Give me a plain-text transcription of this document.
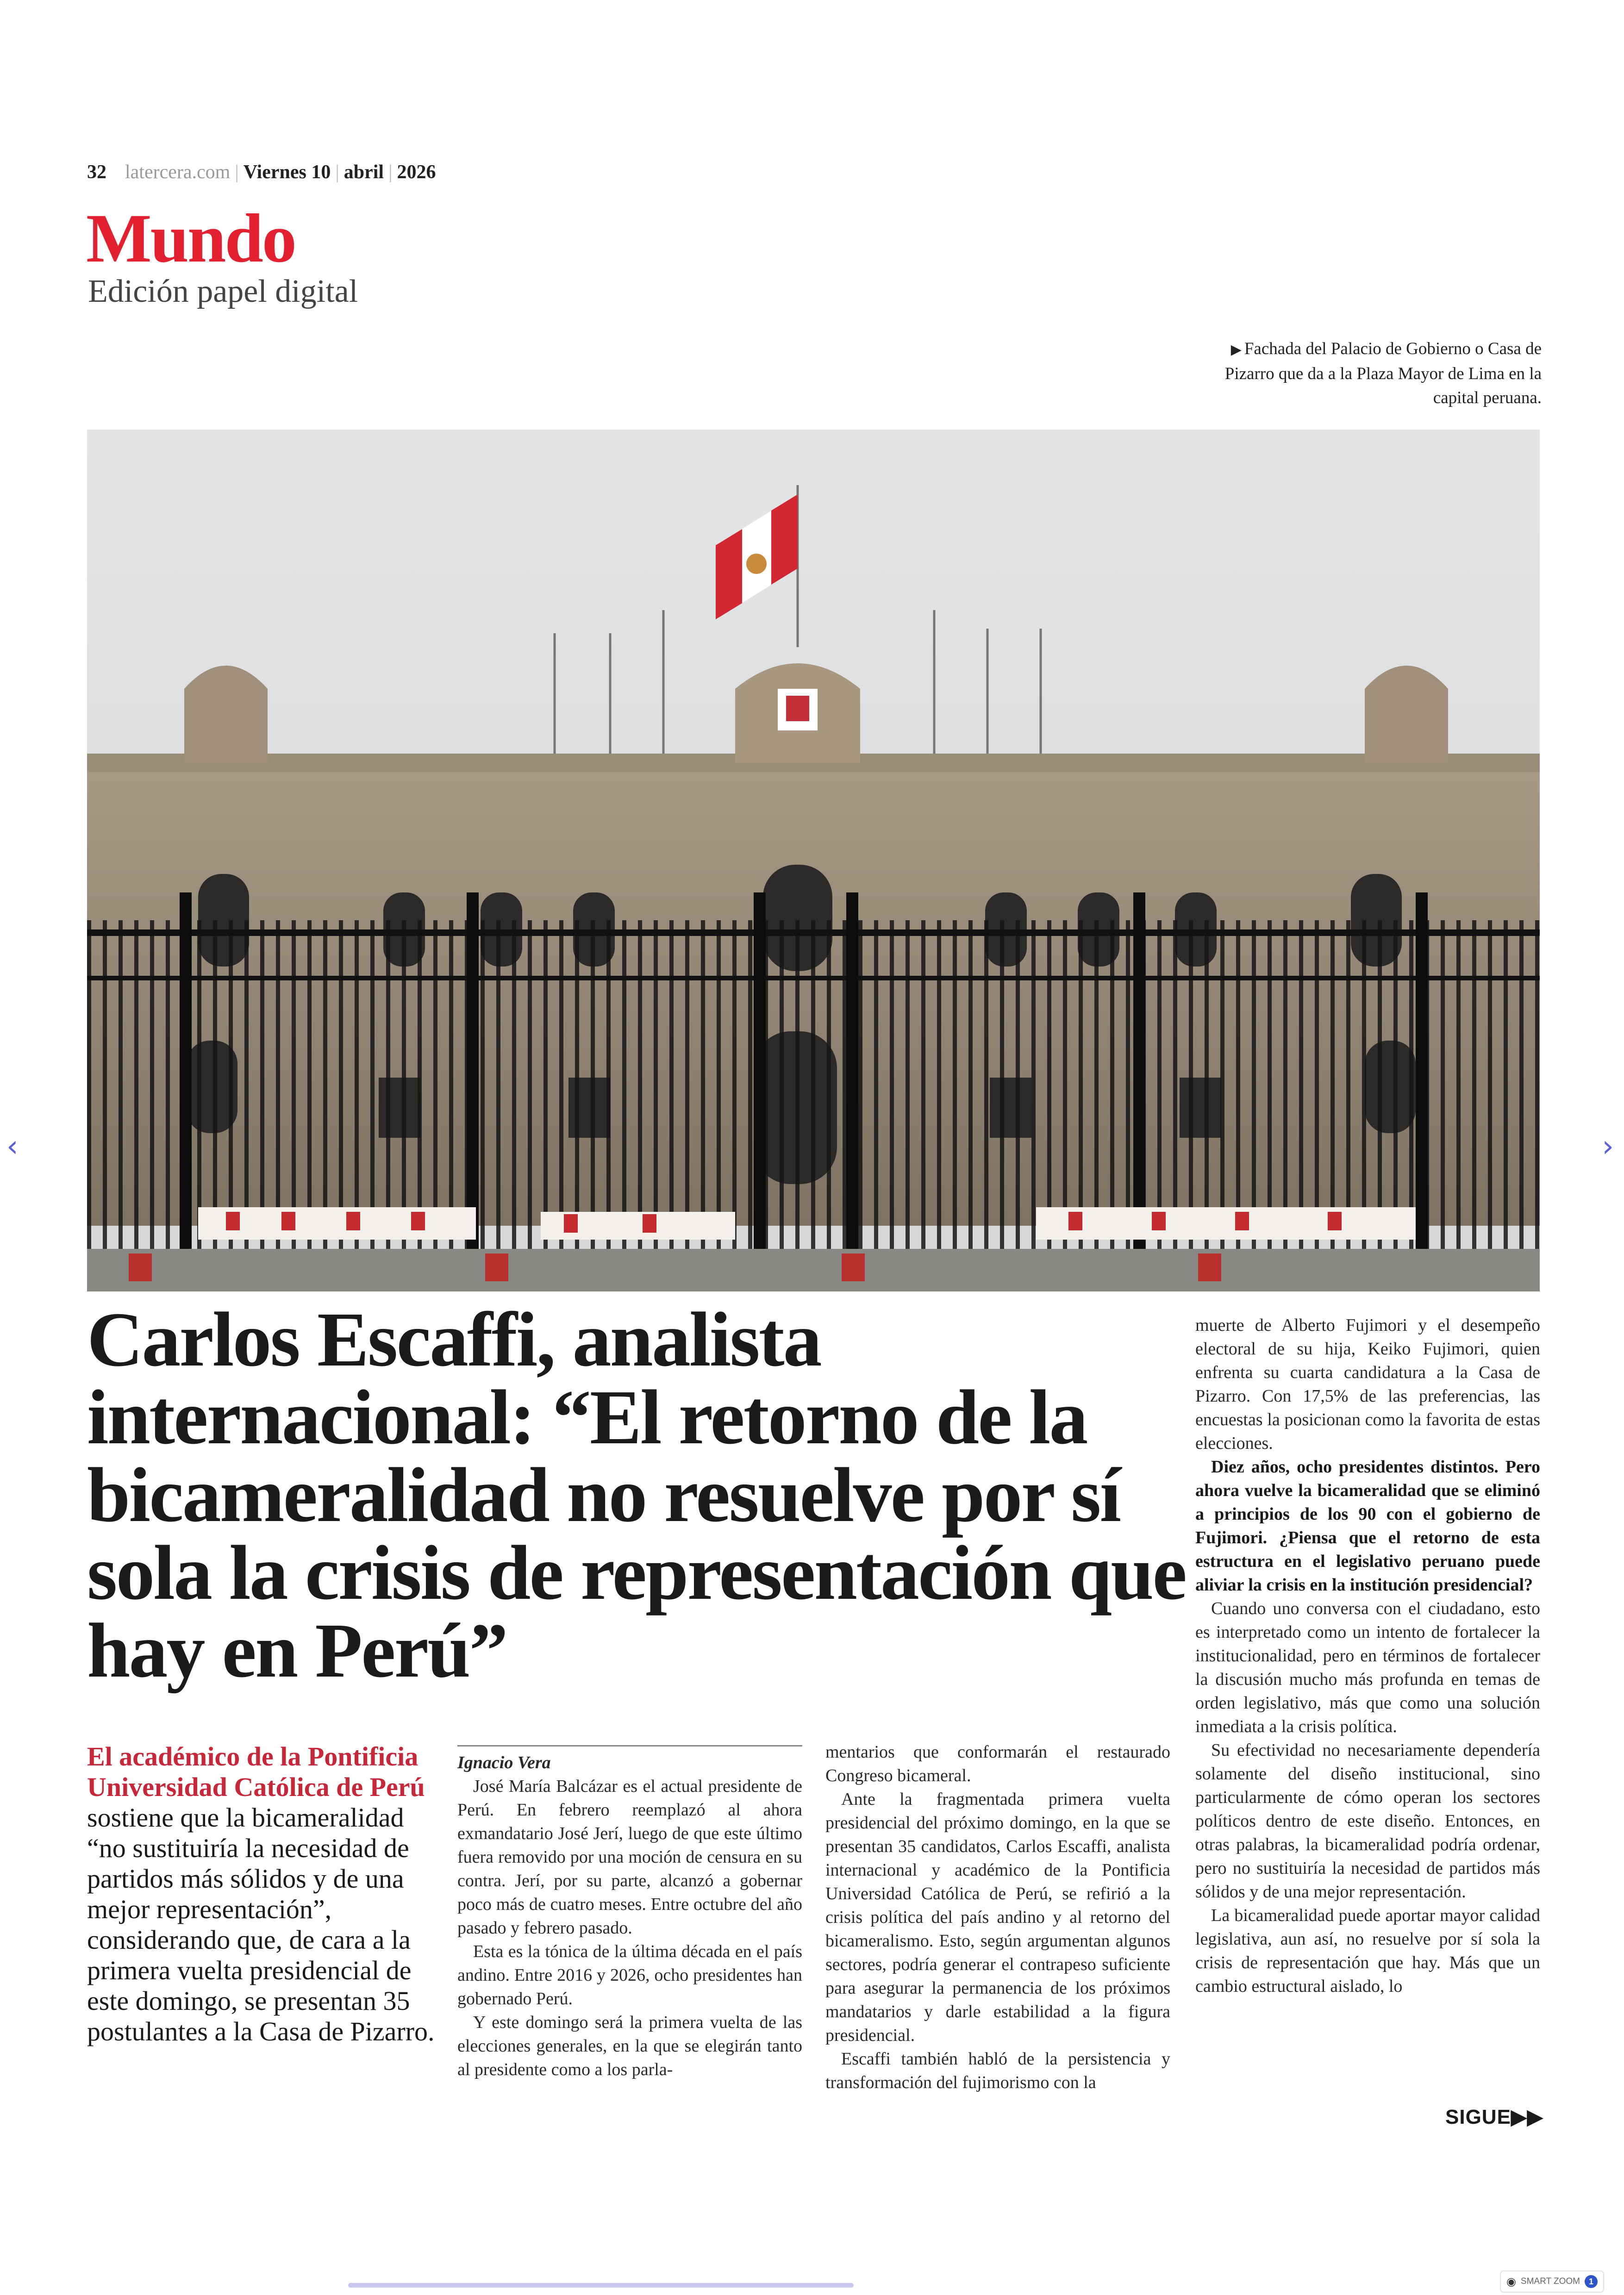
32 latercera.com | Viernes 10 | abril | 2026
Mundo
Edición papel digital
▶ Fachada del Palacio de Gobierno o Casa de Pizarro que da a la Plaza Mayor de Lima en la capital peruana.
‹	›
Carlos Escaffi, analista internacional: “El retorno de la bicameralidad no resuelve por sí sola la crisis de representación que hay en Perú”

El académico de la Pontificia Universidad Católica de Perú sostiene que la bicameralidad “no sustituiría la necesidad de partidos más sólidos y de una mejor representación”, considerando que, de cara a la primera vuelta presidencial de este domingo, se presentan 35 postulantes a la Casa de Pizarro.

Ignacio Vera

José María Balcázar es el actual presidente de Perú. En febrero reemplazó al ahora exmandatario José Jerí, luego de que este último fuera removido por una moción de censura en su contra. Jerí, por su parte, alcanzó a gobernar poco más de cuatro meses. Entre octubre del año pasado y febrero pasado.

Esta es la tónica de la última década en el país andino. Entre 2016 y 2026, ocho presidentes han gobernado Perú.

Y este domingo será la primera vuelta de las elecciones generales, en la que se elegirán tanto al presidente como a los parla-

mentarios que conformarán el restaurado Congreso bicameral.

Ante la fragmentada primera vuelta presidencial del próximo domingo, en la que se presentan 35 candidatos, Carlos Escaffi, analista internacional y académico de la Pontificia Universidad Católica de Perú, se refirió a la crisis política del país andino y al retorno del bicameralismo. Esto, según argumentan algunos sectores, podría generar el contrapeso suficiente para asegurar la permanencia de los próximos mandatarios y darle estabilidad a la figura presidencial.

Escaffi también habló de la persistencia y transformación del fujimorismo con la

muerte de Alberto Fujimori y el desempeño electoral de su hija, Keiko Fujimori, quien enfrenta su cuarta candidatura a la Casa de Pizarro. Con 17,5% de las preferencias, las encuestas la posicionan como la favorita de estas elecciones.

Diez años, ocho presidentes distintos. Pero ahora vuelve la bicameralidad que se eliminó a principios de los 90 con el gobierno de Fujimori. ¿Piensa que el retorno de esta estructura en el legislativo peruano puede aliviar la crisis en la institución presidencial?

Cuando uno conversa con el ciudadano, esto es interpretado como un intento de fortalecer la institucionalidad, pero en términos de fortalecer la discusión mucho más profunda en temas de orden legislativo, más que como una solución inmediata a la crisis política.

Su efectividad no necesariamente dependería solamente del diseño institucional, sino particularmente de cómo operan los sectores políticos dentro de este diseño. Entonces, en otras palabras, la bicameralidad podría ordenar, pero no sustituiría la necesidad de partidos más sólidos y de una mejor representación.

La bicameralidad puede aportar mayor calidad legislativa, aun así, no resuelve por sí sola la crisis de representación que hay. Más que un cambio estructural aislado, lo

SIGUE▶▶
◉ SMART ZOOM	1
